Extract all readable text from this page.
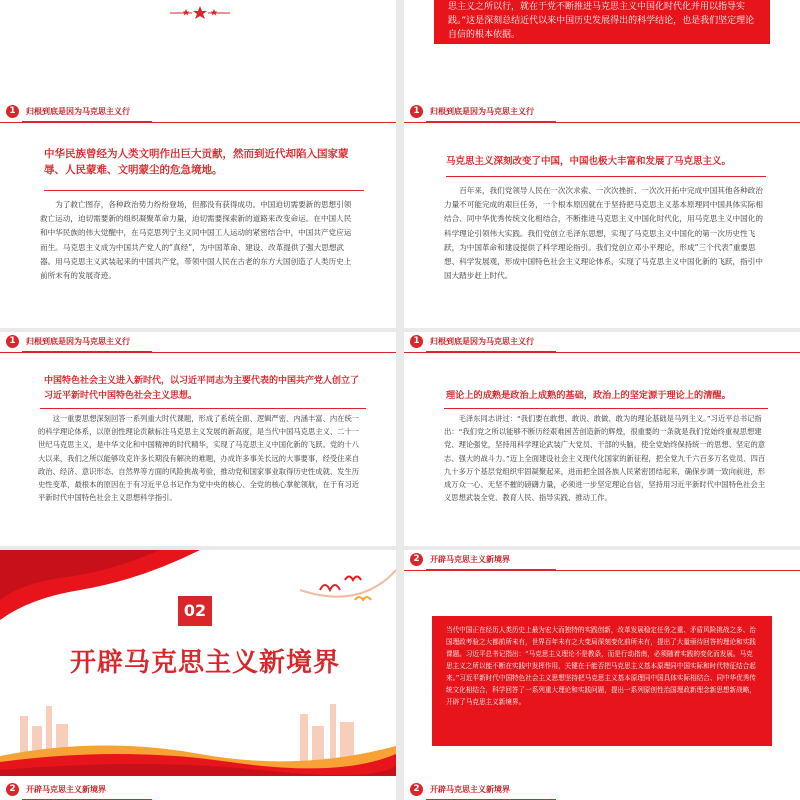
思主义之所以行，就在于党不断推进马克思主义中国化时代化并用以指导实践。”这是深刻总结近代以来中国历史发展得出的科学结论，也是我们坚定理论自信的根本依据。
1	归根到底是因为马克思主义行
中华民族曾经为人类文明作出巨大贡献，然而到近代却陷入国家蒙辱、人民蒙难、文明蒙尘的危急境地。
为了救亡图存，各种政治势力纷纷登场，但都没有获得成功。中国迫切需要新的思想引领救亡运动，迫切需要新的组织凝聚革命力量，迫切需要探索新的道路来改变命运。在中国人民和中华民族的伟大觉醒中，在马克思列宁主义同中国工人运动的紧密结合中，中国共产党应运而生。马克思主义成为中国共产党人的“真经”，为中国革命、建设、改革提供了强大思想武器。用马克思主义武装起来的中国共产党，带领中国人民在古老的东方大国创造了人类历史上前所未有的发展奇迹。
1	归根到底是因为马克思主义行
马克思主义深刻改变了中国，中国也极大丰富和发展了马克思主义。
百年来，我们党领导人民在一次次求索、一次次挫折、一次次开拓中完成中国其他各种政治力量不可能完成的艰巨任务，一个根本原因就在于坚持把马克思主义基本原理同中国具体实际相结合、同中华优秀传统文化相结合，不断推进马克思主义中国化时代化，用马克思主义中国化的科学理论引领伟大实践。我们党创立毛泽东思想，实现了马克思主义中国化的第一次历史性飞跃，为中国革命和建设提供了科学理论指引。我们党创立邓小平理论，形成“三个代表”重要思想、科学发展观，形成中国特色社会主义理论体系，实现了马克思主义中国化新的飞跃，指引中国大踏步赶上时代。
1	归根到底是因为马克思主义行
中国特色社会主义进入新时代，以习近平同志为主要代表的中国共产党人创立了习近平新时代中国特色社会主义思想。
这一重要思想深刻回答一系列重大时代课题，形成了系统全面、逻辑严密、内涵丰富、内在统一的科学理论体系，以原创性理论贡献标注马克思主义发展的新高度，是当代中国马克思主义、二十一世纪马克思主义，是中华文化和中国精神的时代精华，实现了马克思主义中国化新的飞跃。党的十八大以来，我们之所以能够攻克许多长期没有解决的难题，办成许多事关长远的大事要事，经受住来自政治、经济、意识形态、自然界等方面的风险挑战考验，推动党和国家事业取得历史性成就、发生历史性变革，最根本的原因在于有习近平总书记作为党中央的核心、全党的核心掌舵领航，在于有习近平新时代中国特色社会主义思想科学指引。
1	归根到底是因为马克思主义行
理论上的成熟是政治上成熟的基础，政治上的坚定源于理论上的清醒。
毛泽东同志讲过：“我们要在敢想、敢说、敢做、敢为的理论基础是马列主义。”习近平总书记指出：“我们党之所以能够不断历经艰难困苦创造新的辉煌，很重要的一条就是我们党始终重视思想建党、理论强党，坚持用科学理论武装广大党员、干部的头脑，使全党始终保持统一的思想、坚定的意志、强大的战斗力。”迈上全面建设社会主义现代化国家的新征程，把全党九千六百多万名党员、四百九十多万个基层党组织牢固凝聚起来，进而把全国各族人民紧密团结起来，确保步调一致向前进，形成万众一心、无坚不摧的磅礴力量，必须进一步坚定理论自信，坚持用习近平新时代中国特色社会主义思想武装全党、教育人民、指导实践、推动工作。
02
开辟马克思主义新境界
2	开辟马克思主义新境界
2	开辟马克思主义新境界
当代中国正在经历人类历史上最为宏大而独特的实践创新，改革发展稳定任务之重、矛盾风险挑战之多、治国理政考验之大都前所未有，世界百年未有之大变局深刻变化前所未有，提出了大量亟待回答的理论和实践课题。习近平总书记指出：“马克思主义理论不是教条，而是行动指南，必须随着实践的变化而发展。马克思主义之所以能不断在实践中发挥作用，关键在于能否把马克思主义基本原理同中国实际和时代特征结合起来。”习近平新时代中国特色社会主义思想坚持把马克思主义基本原理同中国具体实际相结合、同中华优秀传统文化相结合，科学回答了一系列重大理论和实践问题，提出一系列原创性治国理政新理念新思想新战略，开辟了马克思主义新境界。
2	开辟马克思主义新境界
